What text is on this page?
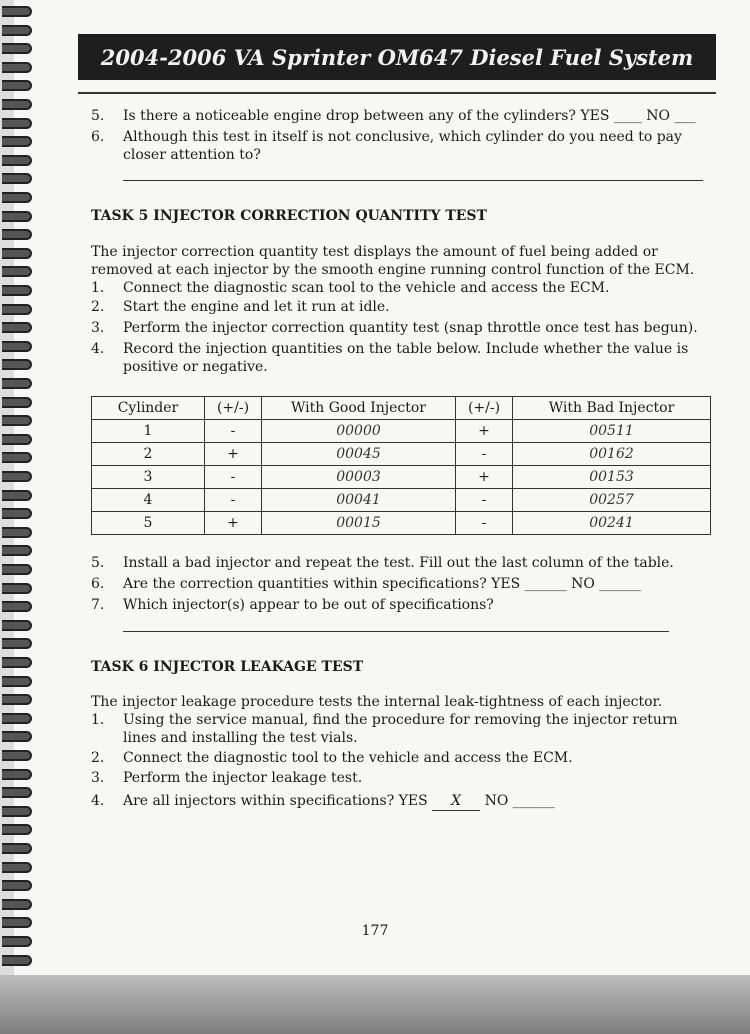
2004-2006 VA Sprinter OM647 Diesel Fuel System
5. Is there a noticeable engine drop between any of the cylinders? YES ____ NO ___
6. Although this test in itself is not conclusive, which cylinder do you need to pay closer attention to?
TASK 5 INJECTOR CORRECTION QUANTITY TEST
The injector correction quantity test displays the amount of fuel being added or removed at each injector by the smooth engine running control function of the ECM.
1. Connect the diagnostic scan tool to the vehicle and access the ECM.
2. Start the engine and let it run at idle.
3. Perform the injector correction quantity test (snap throttle once test has begun).
4. Record the injection quantities on the table below. Include whether the value is positive or negative.
Cylinder	(+/-)	With Good Injector	(+/-)	With Bad Injector
1	-	00000	+	00511
2	+	00045	-	00162
3	-	00003	+	00153
4	-	00041	-	00257
5	+	00015	-	00241
5. Install a bad injector and repeat the test. Fill out the last column of the table.
6. Are the correction quantities within specifications? YES ______ NO ______
7. Which injector(s) appear to be out of specifications?
TASK 6 INJECTOR LEAKAGE TEST
The injector leakage procedure tests the internal leak-tightness of each injector.
1. Using the service manual, find the procedure for removing the injector return lines and installing the test vials.
2. Connect the diagnostic tool to the vehicle and access the ECM.
3. Perform the injector leakage test.
4. Are all injectors within specifications? YES X NO ______
177
